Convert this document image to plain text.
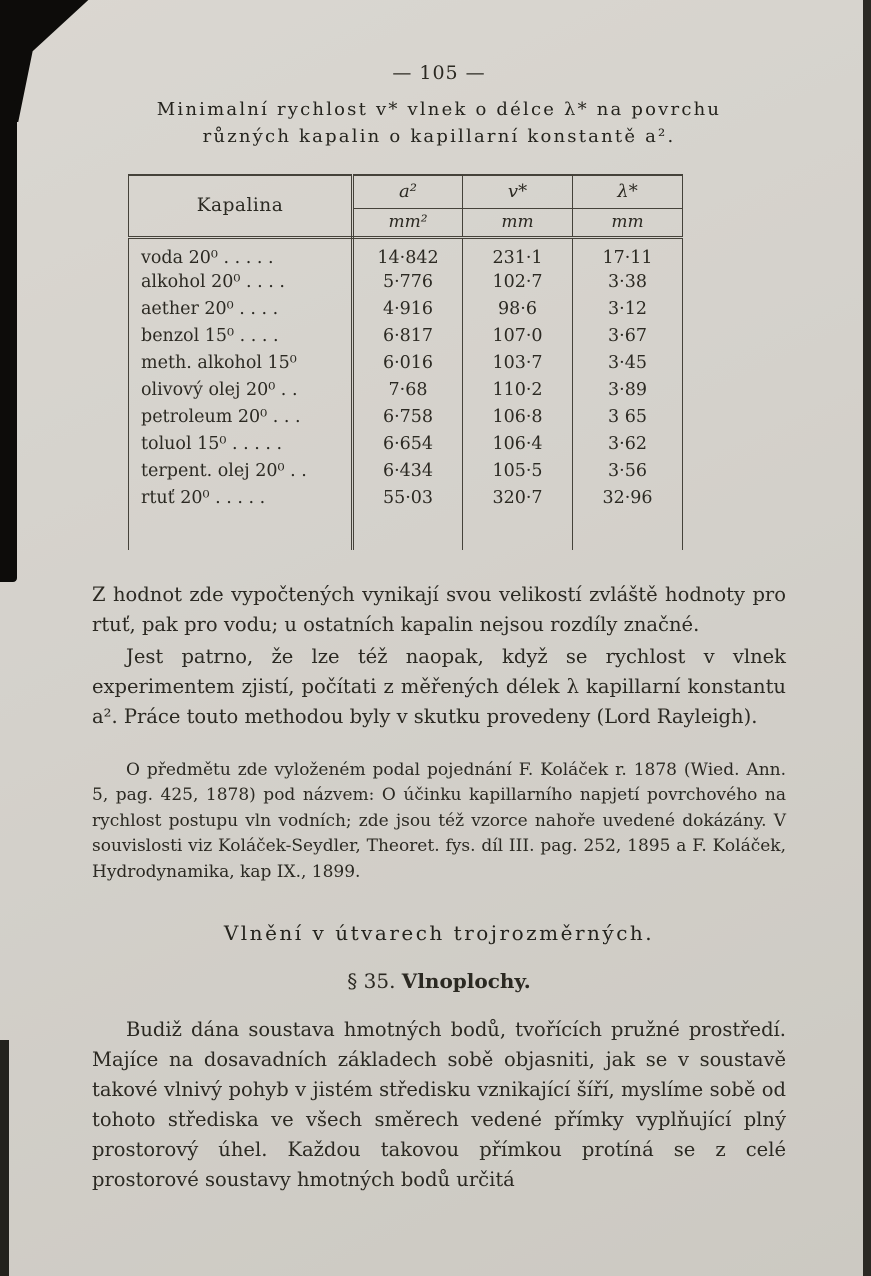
— 105 —

Minimalní rychlost v* vlnek o délce λ* na povrchu
různých kapalin o kapillarní konstantě a².
Kapalina	a²	v*	λ*
	mm²	mm	mm
voda 20⁰ . . . . .	14·842	231·1	17·11
alkohol 20⁰ . . . .	5·776	102·7	3·38
aether 20⁰ . . . .	4·916	98·6	3·12
benzol 15⁰ . . . .	6·817	107·0	3·67
meth. alkohol 15⁰	6·016	103·7	3·45
olivový olej 20⁰ . .	7·68	110·2	3·89
petroleum 20⁰ . . .	6·758	106·8	3 65
toluol 15⁰ . . . . .	6·654	106·4	3·62
terpent. olej 20⁰ . .	6·434	105·5	3·56
rtuť 20⁰ . . . . .	55·03	320·7	32·96

Z hodnot zde vypočtených vynikají svou velikostí zvláště hodnoty pro rtuť, pak pro vodu; u ostatních kapalin nejsou rozdíly značné.

Jest patrno, že lze též naopak, když se rychlost v vlnek experimentem zjistí, počítati z měřených délek λ kapillarní konstantu a². Práce touto methodou byly v skutku provedeny (Lord Rayleigh).

O předmětu zde vyloženém podal pojednání F. Koláček r. 1878 (Wied. Ann. 5, pag. 425, 1878) pod názvem: O účinku kapillarního napjetí povrchového na rychlost postupu vln vodních; zde jsou též vzorce nahoře uvedené dokázány. V souvislosti viz Koláček-Seydler, Theoret. fys. díl III. pag. 252, 1895 a F. Koláček, Hydrodynamika, kap IX., 1899.

Vlnění v útvarech trojrozměrných.
§ 35. Vlnoplochy.

Budiž dána soustava hmotných bodů, tvořících pružné prostředí. Majíce na dosavadních základech sobě objasniti, jak se v soustavě takové vlnivý pohyb v jistém středisku vznikající šíří, myslíme sobě od tohoto střediska ve všech směrech vedené přímky vyplňující plný prostorový úhel. Každou takovou přímkou protíná se z celé prostorové soustavy hmotných bodů určitá
